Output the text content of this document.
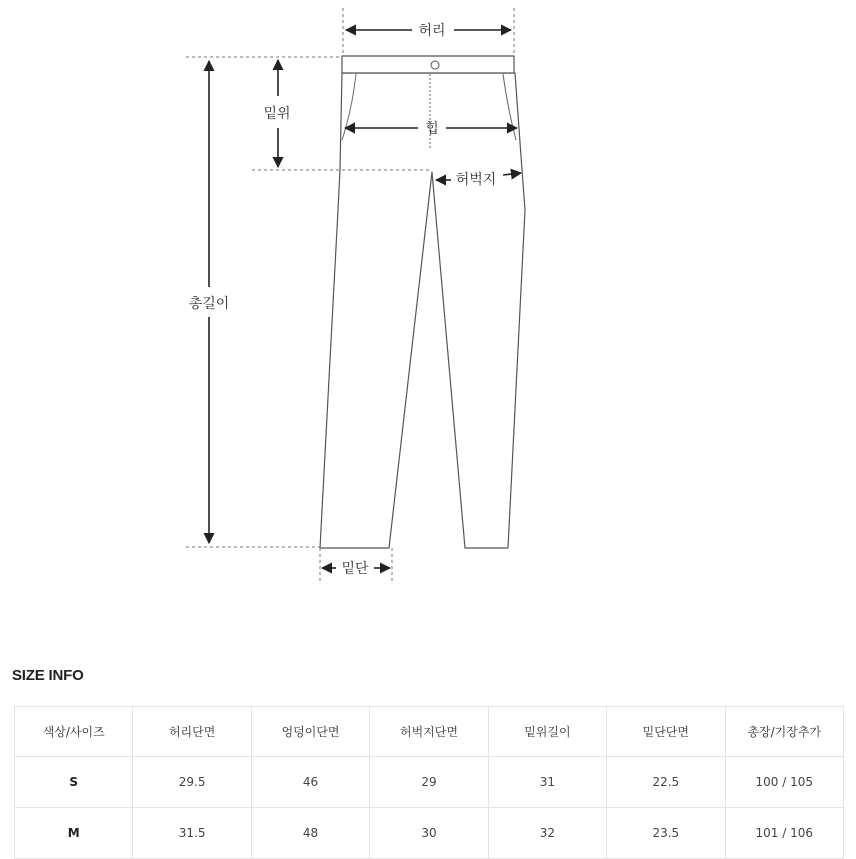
허리
밑위
힙
허벅지
총길이
밑단
SIZE INFO
색상/사이즈	허리단면	엉덩이단면	허벅지단면	밑위길이	밑단단면	총장/기장추가
S	29.5	46	29	31	22.5	100 / 105
M	31.5	48	30	32	23.5	101 / 106
